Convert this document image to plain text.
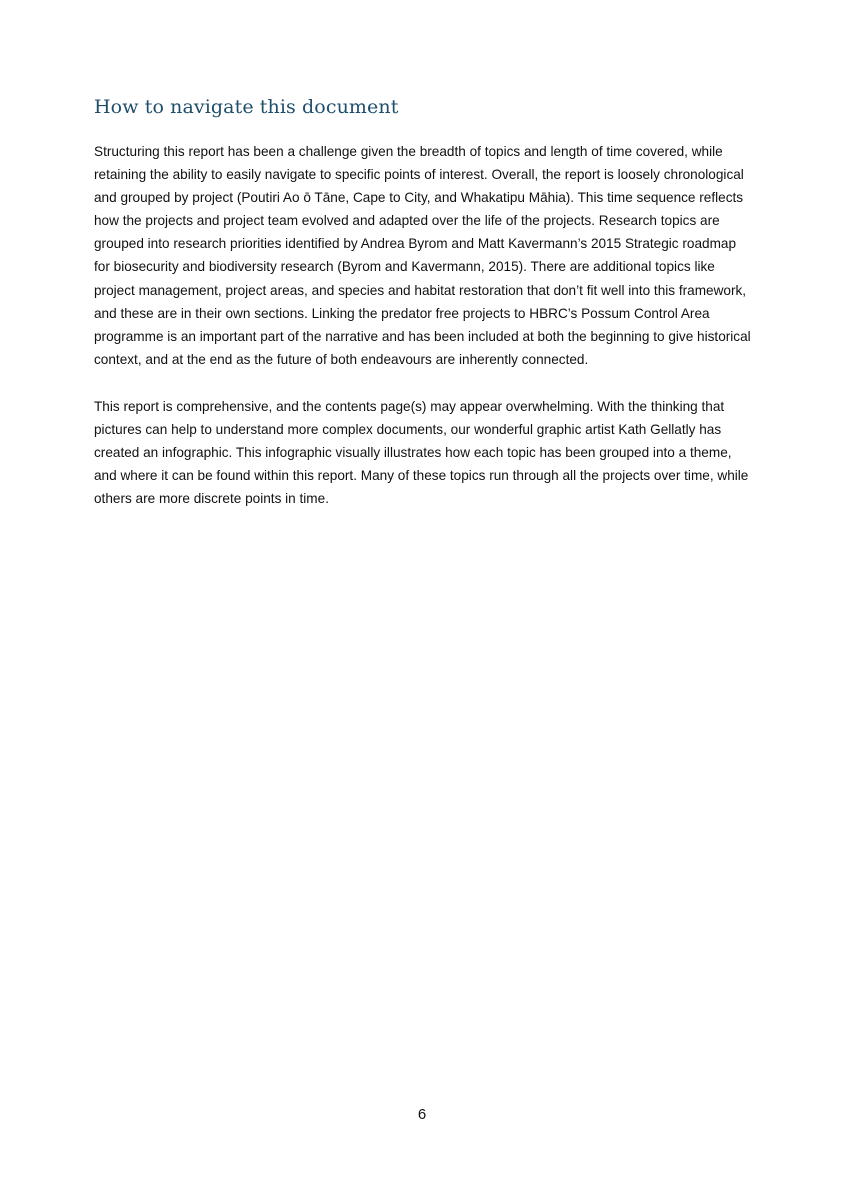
How to navigate this document

Structuring this report has been a challenge given the breadth of topics and length of time covered, while retaining the ability to easily navigate to specific points of interest. Overall, the report is loosely chronological and grouped by project (Poutiri Ao ō Tāne, Cape to City, and Whakatipu Māhia). This time sequence reflects how the projects and project team evolved and adapted over the life of the projects. Research topics are grouped into research priorities identified by Andrea Byrom and Matt Kavermann’s 2015 Strategic roadmap for biosecurity and biodiversity research (Byrom and Kavermann, 2015). There are additional topics like project management, project areas, and species and habitat restoration that don’t fit well into this framework, and these are in their own sections. Linking the predator free projects to HBRC’s Possum Control Area programme is an important part of the narrative and has been included at both the beginning to give historical context, and at the end as the future of both endeavours are inherently connected.

This report is comprehensive, and the contents page(s) may appear overwhelming. With the thinking that pictures can help to understand more complex documents, our wonderful graphic artist Kath Gellatly has created an infographic. This infographic visually illustrates how each topic has been grouped into a theme, and where it can be found within this report. Many of these topics run through all the projects over time, while others are more discrete points in time.

6
